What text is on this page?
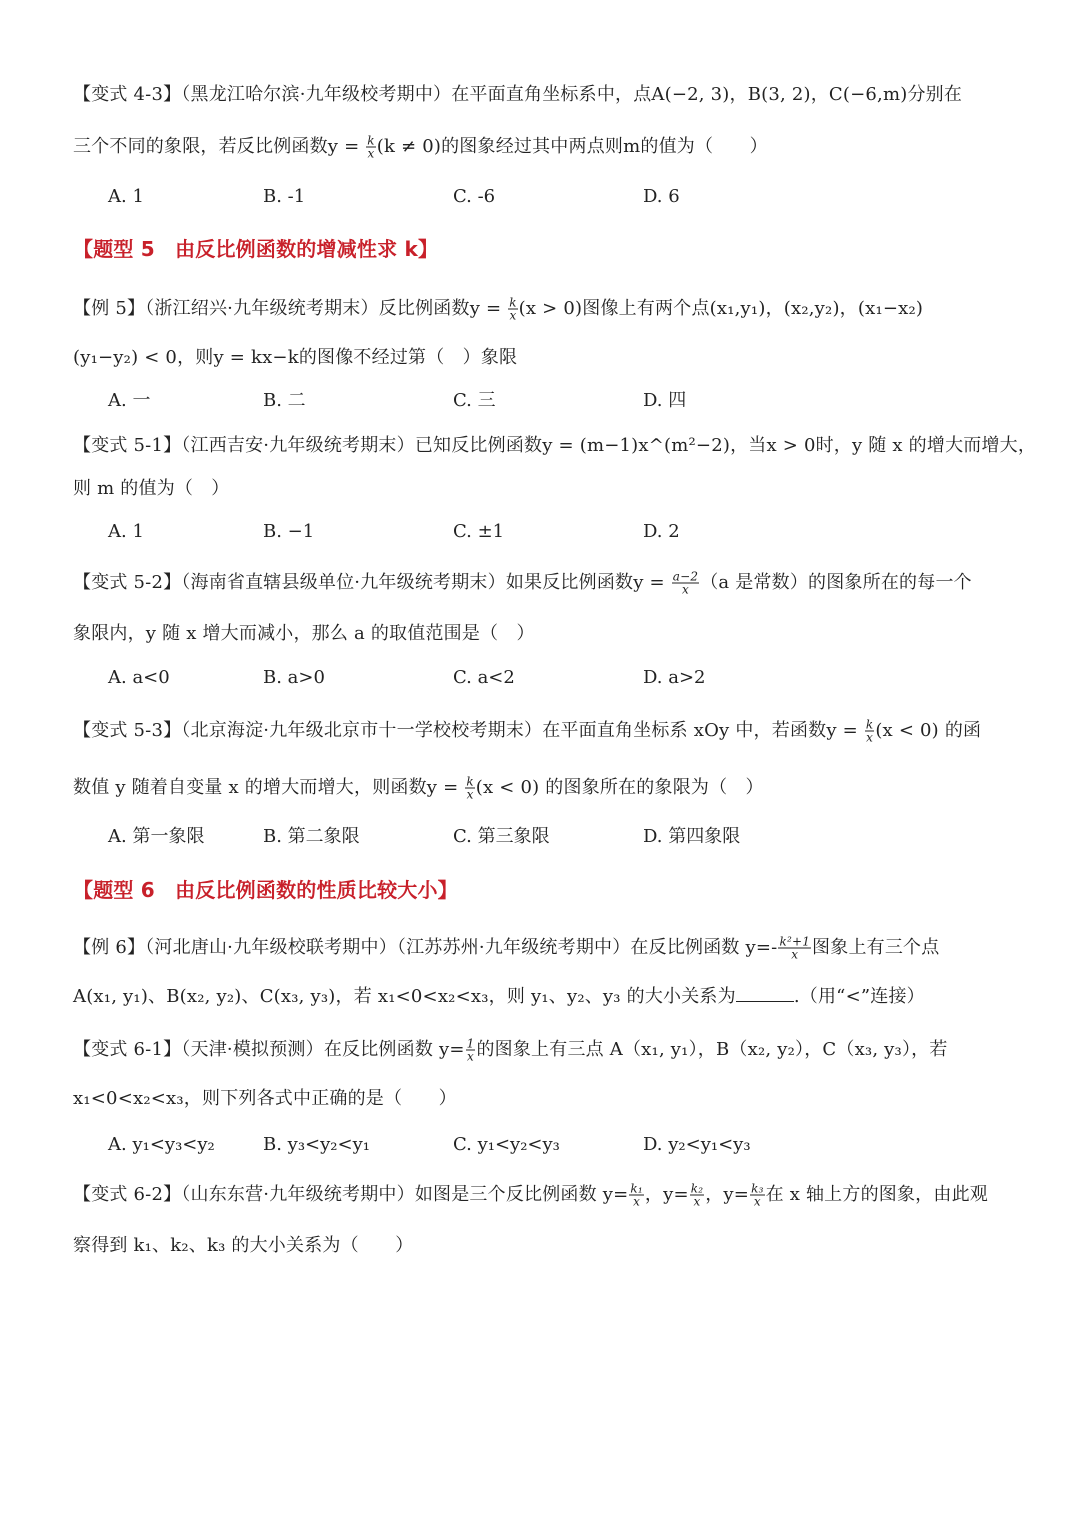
【变式 4-3】（黑龙江哈尔滨·九年级校考期中）在平面直角坐标系中，点A(−2, 3)，B(3, 2)，C(−6,m)分别在
三个不同的象限，若反比例函数$y = \frac{k}{x} (k \ne 0)$的图象经过其中两点则m的值为（　　）
A. 1	B. -1	C. -6	D. 6
【题型 5　由反比例函数的增减性求 k】
【例 5】（浙江绍兴·九年级统考期末）反比例函数$y = \frac{k}{x} (x > 0)$图像上有两个点(x₁,y₁)，(x₂,y₂)，(x₁−x₂)
(y₁−y₂) < 0，则y = kx−k的图像不经过第（　）象限
A. 一	B. 二	C. 三	D. 四
【变式 5-1】（江西吉安·九年级统考期末）已知反比例函数y = (m−1)x^(m²−2)，当x > 0时，y 随 x 的增大而增大，
则 m 的值为（　）
A. 1	B. −1	C. ±1	D. 2
【变式 5-2】（海南省直辖县级单位·九年级统考期末）如果反比例函数$y = \frac{a-2}{x} (a$ 是常数）的图象所在的每一个
象限内，y 随 x 增大而减小，那么 a 的取值范围是（　）
A. a<0	B. a>0	C. a<2	D. a>2
【变式 5-3】（北京海淀·九年级北京市十一学校校考期末）在平面直角坐标系 xOy 中，若函数$y = \frac{k}{x} (x < 0)$ 的函
数值 y 随着自变量 x 的增大而增大，则函数$y = \frac{k}{x} (x < 0)$ 的图象所在的象限为（　）
A. 第一象限	B. 第二象限	C. 第三象限	D. 第四象限
【题型 6　由反比例函数的性质比较大小】
【例 6】（河北唐山·九年级校联考期中）（江苏苏州·九年级统考期中）在反比例函数 $y=- \frac{\text{k²+1}}{x}$ 图象上有三个点
A(x₁, y₁)、B(x₂, y₂)、C(x₃, y₃)，若 x₁<0<x₂<x₃，则 y₁、y₂、y₃ 的大小关系为	.（用“<”连接）
【变式 6-1】（天津·模拟预测）在反比例函数 $y= \frac{1}{x}$ 的图象上有三点 A（x₁, y₁），B（x₂, y₂），C（x₃, y₃），若
x₁<0<x₂<x₃，则下列各式中正确的是（　　）
A. y₁<y₃<y₂	B. y₃<y₂<y₁	C. y₁<y₂<y₃	D. y₂<y₁<y₃
【变式 6-2】（山东东营·九年级统考期中）如图是三个反比例函数 $y= \frac{\text{k₁}}{x}$ ，$y= \frac{\text{k₂}}{x}$ ，$y= \frac{\text{k₃}}{x}$ 在 x 轴上方的图象，由此观
察得到 k₁、k₂、k₃ 的大小关系为（　　）
